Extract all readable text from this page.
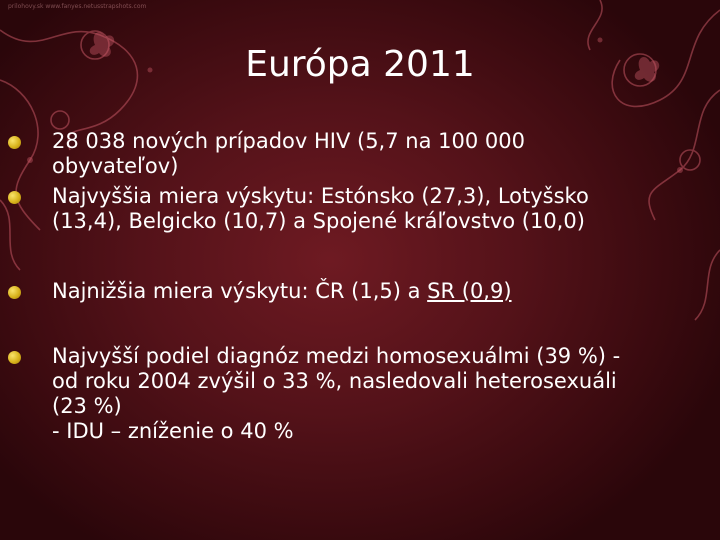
prilohovy.sk www.fanyes.netusstrapshots.com
Európa 2011
28 038 nových prípadov HIV (5,7 na 100 000 obyvateľov)
Najvyššia miera výskytu: Estónsko (27,3), Lotyšsko (13,4), Belgicko (10,7) a Spojené kráľovstvo (10,0)
Najnižšia miera výskytu: ČR (1,5) a SR (0,9)
Najvyšší podiel diagnóz medzi homosexuálmi (39 %) - od roku 2004 zvýšil o 33 %, nasledovali heterosexuáli (23 %)
- IDU – zníženie o 40 %
